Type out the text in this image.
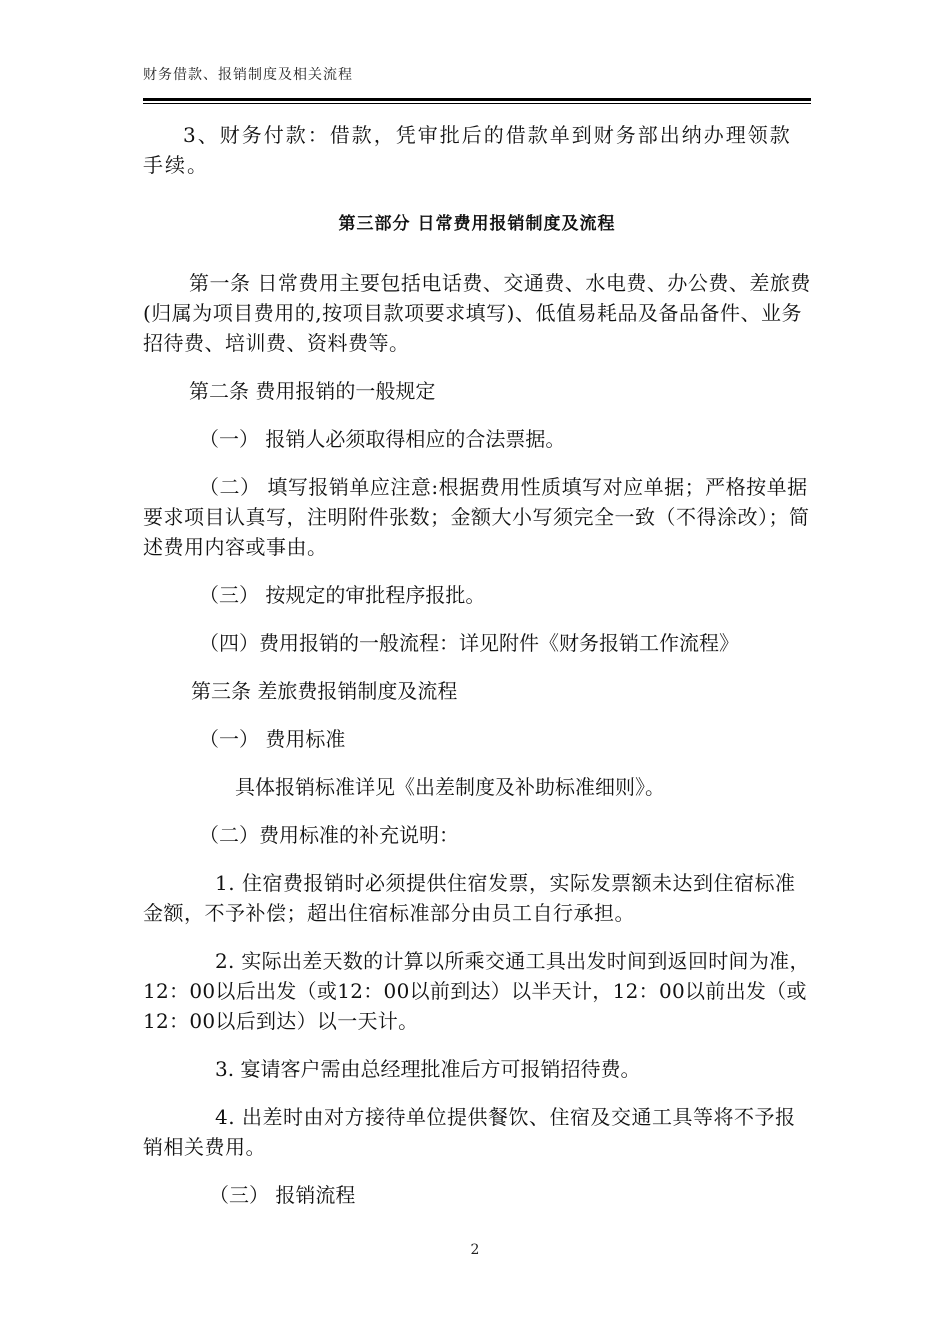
财务借款、报销制度及相关流程

3、财务付款：借款，凭审批后的借款单到财务部出纳办理领款手续。

第三部分 日常费用报销制度及流程

第一条 日常费用主要包括电话费、交通费、水电费、办公费、差旅费(归属为项目费用的,按项目款项要求填写)、低值易耗品及备品备件、业务招待费、培训费、资料费等。

第二条 费用报销的一般规定

（一） 报销人必须取得相应的合法票据。

（二） 填写报销单应注意:根据费用性质填写对应单据；严格按单据要求项目认真写，注明附件张数；金额大小写须完全一致（不得涂改）；简述费用内容或事由。

（三） 按规定的审批程序报批。

（四）费用报销的一般流程：详见附件《财务报销工作流程》

第三条 差旅费报销制度及流程

（一） 费用标准

具体报销标准详见《出差制度及补助标准细则》。

（二）费用标准的补充说明：

1. 住宿费报销时必须提供住宿发票，实际发票额未达到住宿标准金额，不予补偿；超出住宿标准部分由员工自行承担。

2. 实际出差天数的计算以所乘交通工具出发时间到返回时间为准，12：00以后出发（或12：00以前到达）以半天计，12：00以前出发（或12：00以后到达）以一天计。

3. 宴请客户需由总经理批准后方可报销招待费。

4. 出差时由对方接待单位提供餐饮、住宿及交通工具等将不予报销相关费用。

（三） 报销流程

2
